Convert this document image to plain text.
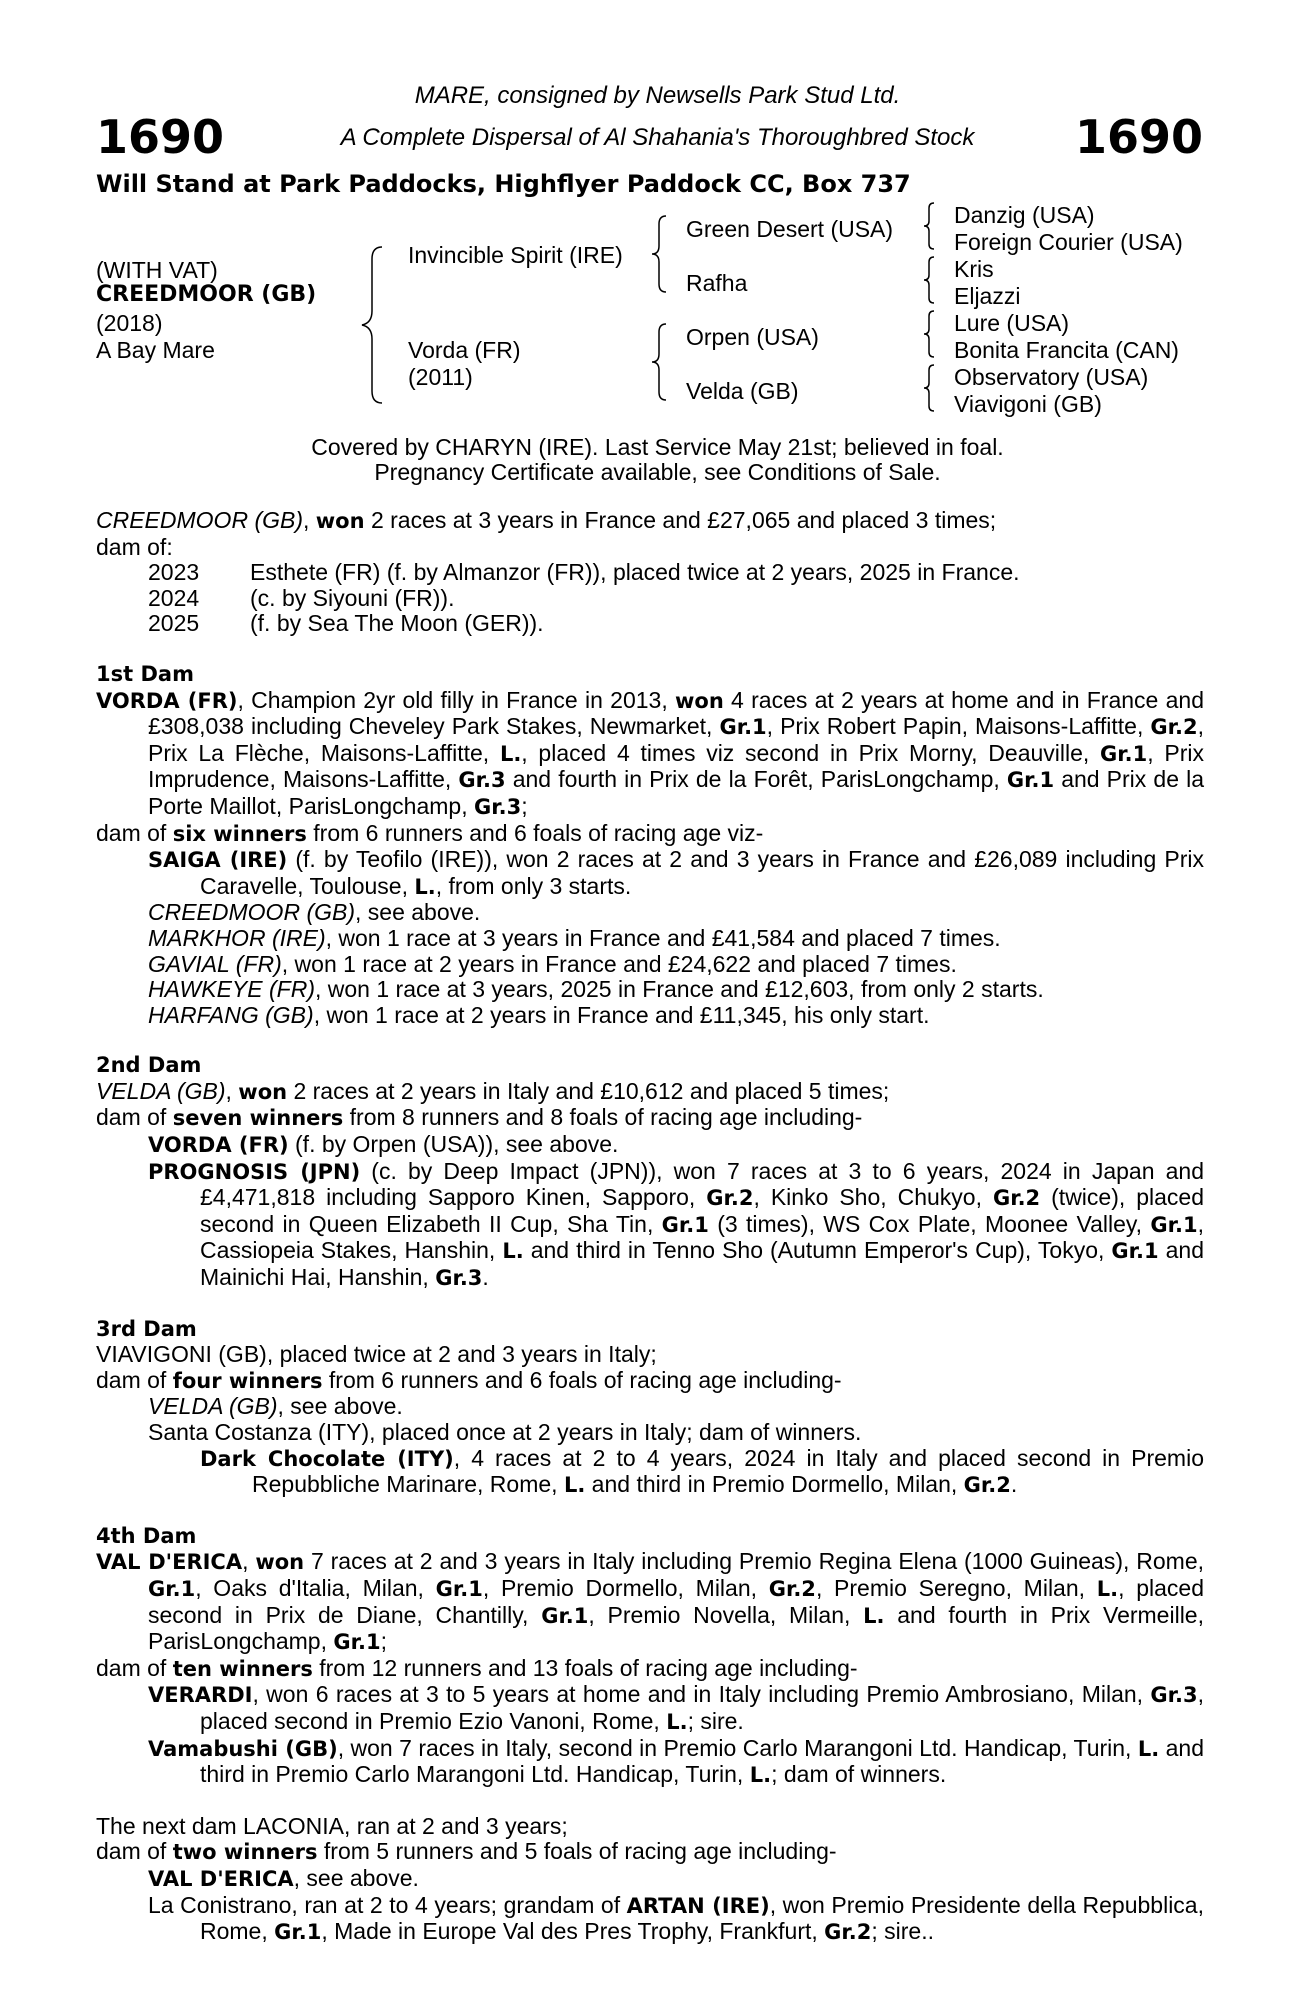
MARE, consigned by Newsells Park Stud Ltd.
A Complete Dispersal of Al Shahania's Thoroughbred Stock
1690	1690
Will Stand at Park Paddocks, Highflyer Paddock CC, Box 737
(WITH VAT)
CREEDMOOR (GB)
(2018)
A Bay Mare
Invincible Spirit (IRE)
Vorda (FR)
(2011)
Green Desert (USA)
Rafha
Orpen (USA)
Velda (GB)
Danzig (USA)
Foreign Courier (USA)
Kris
Eljazzi
Lure (USA)
Bonita Francita (CAN)
Observatory (USA)
Viavigoni (GB)
Covered by CHARYN (IRE). Last Service May 21st; believed in foal.
Pregnancy Certificate available, see Conditions of Sale.

CREEDMOOR (GB), won 2 races at 3 years in France and £27,065 and placed 3 times;

dam of:

2023	Esthete (FR) (f. by Almanzor (FR)), placed twice at 2 years, 2025 in France.
2024	(c. by Siyouni (FR)).
2025	(f. by Sea The Moon (GER)).

1st Dam

VORDA (FR), Champion 2yr old filly in France in 2013, won 4 races at 2 years at home and in France and £308,038 including Cheveley Park Stakes, Newmarket, Gr.1, Prix Robert Papin, Maisons-Laffitte, Gr.2, Prix La Flèche, Maisons-Laffitte, L., placed 4 times viz second in Prix Morny, Deauville, Gr.1, Prix Imprudence, Maisons-Laffitte, Gr.3 and fourth in Prix de la Forêt, ParisLongchamp, Gr.1 and Prix de la Porte Maillot, ParisLongchamp, Gr.3;

dam of six winners from 6 runners and 6 foals of racing age viz-

SAIGA (IRE) (f. by Teofilo (IRE)), won 2 races at 2 and 3 years in France and £26,089 including Prix Caravelle, Toulouse, L., from only 3 starts.

CREEDMOOR (GB), see above.

MARKHOR (IRE), won 1 race at 3 years in France and £41,584 and placed 7 times.

GAVIAL (FR), won 1 race at 2 years in France and £24,622 and placed 7 times.

HAWKEYE (FR), won 1 race at 3 years, 2025 in France and £12,603, from only 2 starts.

HARFANG (GB), won 1 race at 2 years in France and £11,345, his only start.

2nd Dam

VELDA (GB), won 2 races at 2 years in Italy and £10,612 and placed 5 times;

dam of seven winners from 8 runners and 8 foals of racing age including-

VORDA (FR) (f. by Orpen (USA)), see above.

PROGNOSIS (JPN) (c. by Deep Impact (JPN)), won 7 races at 3 to 6 years, 2024 in Japan and £4,471,818 including Sapporo Kinen, Sapporo, Gr.2, Kinko Sho, Chukyo, Gr.2 (twice), placed second in Queen Elizabeth II Cup, Sha Tin, Gr.1 (3 times), WS Cox Plate, Moonee Valley, Gr.1, Cassiopeia Stakes, Hanshin, L. and third in Tenno Sho (Autumn Emperor's Cup), Tokyo, Gr.1 and Mainichi Hai, Hanshin, Gr.3.

3rd Dam

VIAVIGONI (GB), placed twice at 2 and 3 years in Italy;

dam of four winners from 6 runners and 6 foals of racing age including-

VELDA (GB), see above.

Santa Costanza (ITY), placed once at 2 years in Italy; dam of winners.

Dark Chocolate (ITY), 4 races at 2 to 4 years, 2024 in Italy and placed second in Premio Repubbliche Marinare, Rome, L. and third in Premio Dormello, Milan, Gr.2.

4th Dam

VAL D'ERICA, won 7 races at 2 and 3 years in Italy including Premio Regina Elena (1000 Guineas), Rome, Gr.1, Oaks d'Italia, Milan, Gr.1, Premio Dormello, Milan, Gr.2, Premio Seregno, Milan, L., placed second in Prix de Diane, Chantilly, Gr.1, Premio Novella, Milan, L. and fourth in Prix Vermeille, ParisLongchamp, Gr.1;

dam of ten winners from 12 runners and 13 foals of racing age including-

VERARDI, won 6 races at 3 to 5 years at home and in Italy including Premio Ambrosiano, Milan, Gr.3, placed second in Premio Ezio Vanoni, Rome, L.; sire.

Vamabushi (GB), won 7 races in Italy, second in Premio Carlo Marangoni Ltd. Handicap, Turin, L. and third in Premio Carlo Marangoni Ltd. Handicap, Turin, L.; dam of winners.

The next dam LACONIA, ran at 2 and 3 years;

dam of two winners from 5 runners and 5 foals of racing age including-

VAL D'ERICA, see above.

La Conistrano, ran at 2 to 4 years; grandam of ARTAN (IRE), won Premio Presidente della Repubblica, Rome, Gr.1, Made in Europe Val des Pres Trophy, Frankfurt, Gr.2; sire..
